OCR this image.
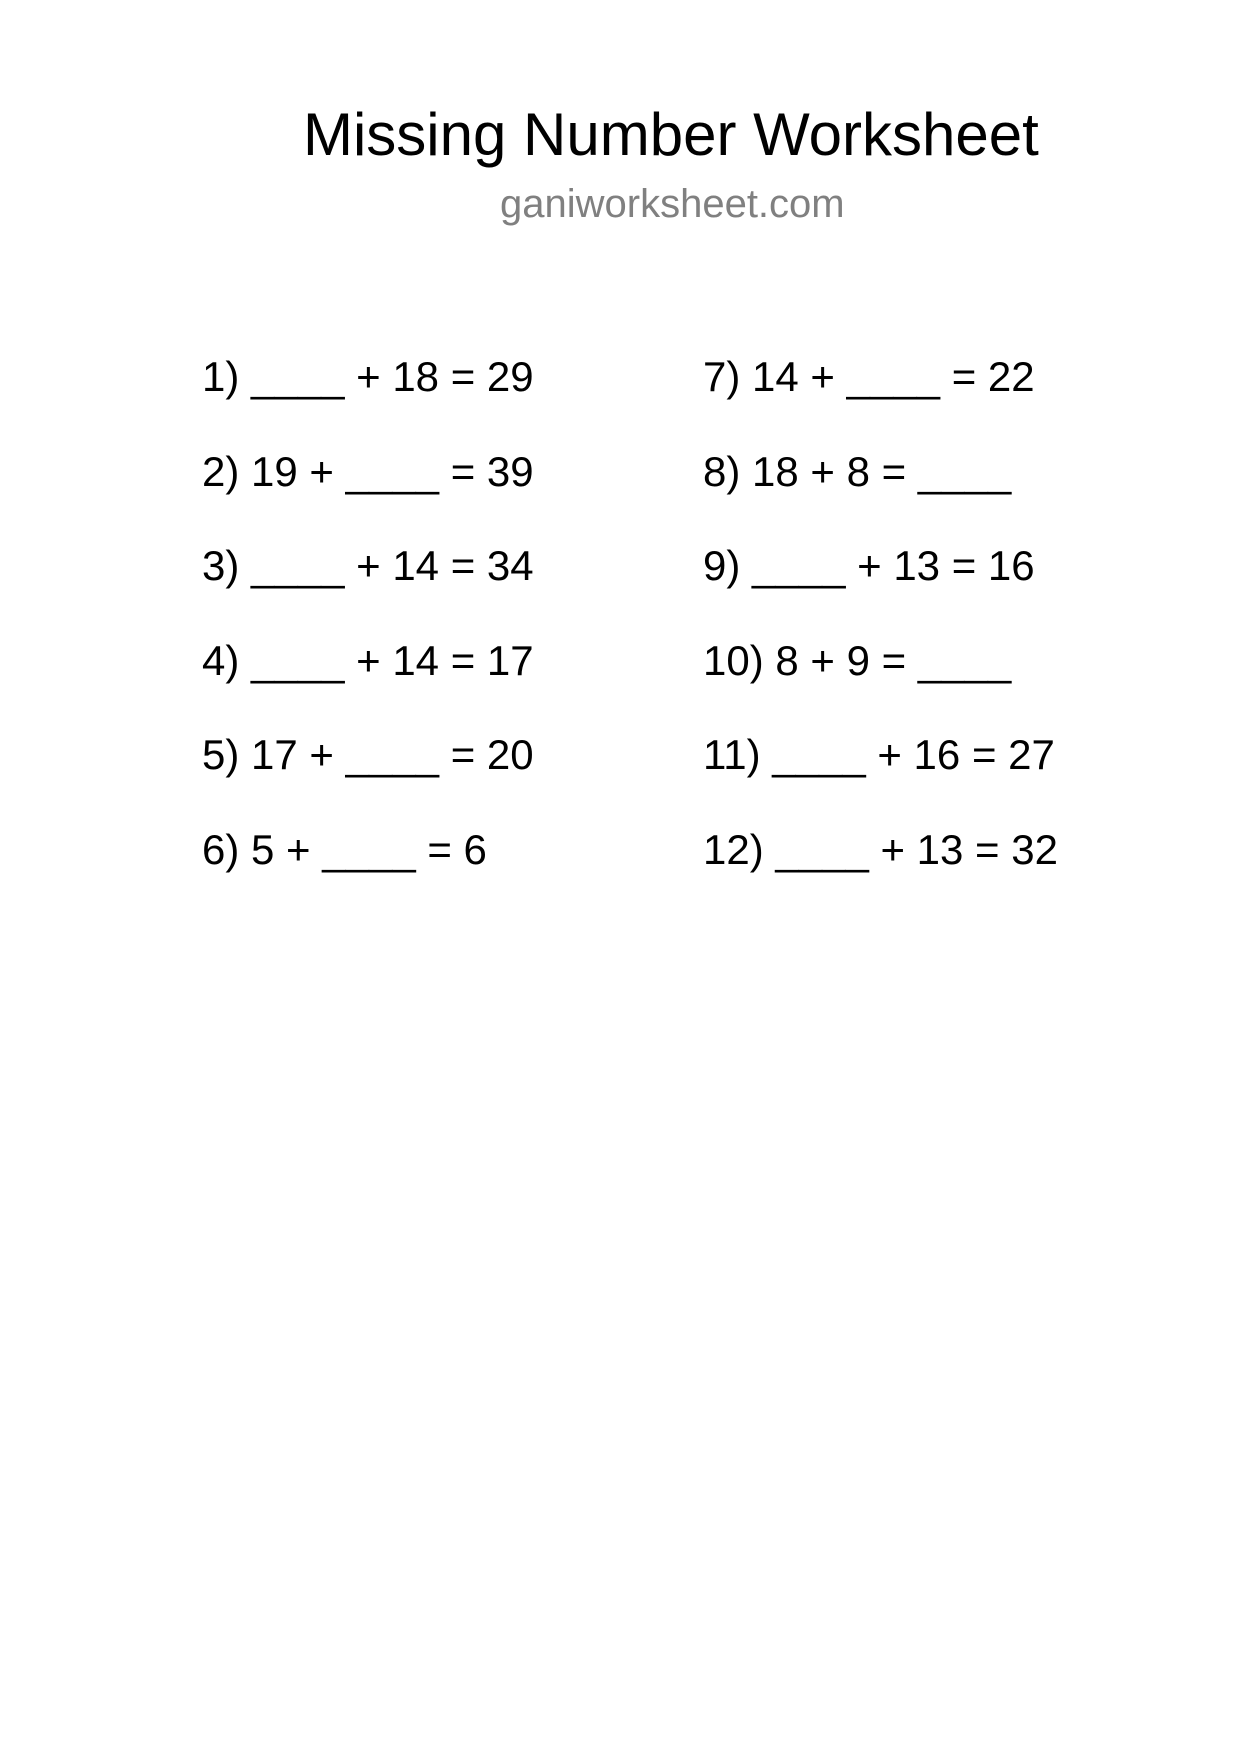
Missing Number Worksheet
ganiworksheet.com
1) ____ + 18 = 29
2) 19 + ____ = 39
3) ____ + 14 = 34
4) ____ + 14 = 17
5) 17 + ____ = 20
6) 5 + ____ = 6
7) 14 + ____ = 22
8) 18 + 8 = ____
9) ____ + 13 = 16
10) 8 + 9 = ____
11) ____ + 16 = 27
12) ____ + 13 = 32
